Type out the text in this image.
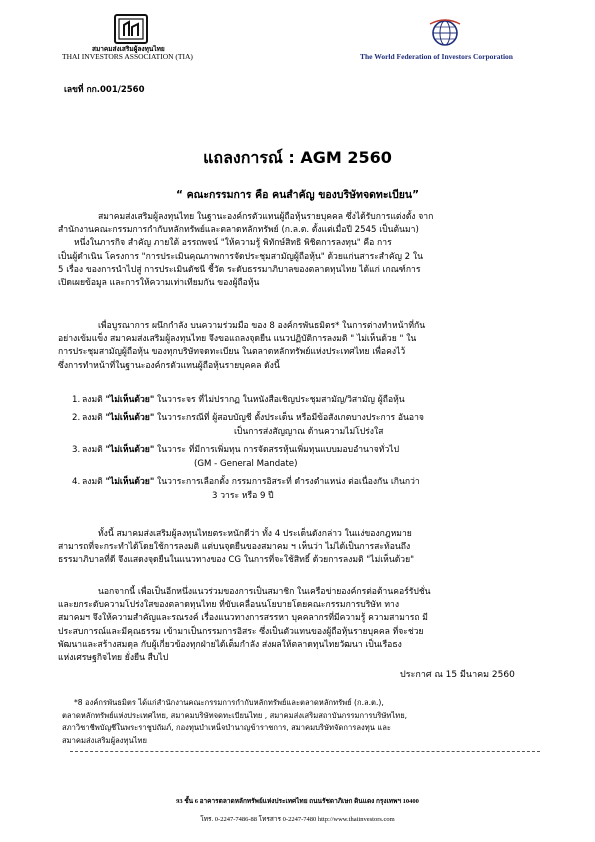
สมาคมส่งเสริมผู้ลงทุนไทย
THAI INVESTORS ASSOCIATION (TIA)	The World Federation of Investors Corporation
เลขที่ กก.001/2560
แถลงการณ์ : AGM 2560
“ คณะกรรมการ คือ คนสำคัญ ของบริษัทจดทะเบียน”

สมาคมส่งเสริมผู้ลงทุนไทย ในฐานะองค์กรตัวแทนผู้ถือหุ้นรายบุคคล ซึ่งได้รับการแต่งตั้ง จาก

สำนักงานคณะกรรมการกำกับหลักทรัพย์และตลาดหลักทรัพย์ (ก.ล.ต. ตั้งแต่เมื่อปี 2545 เป็นต้นมา)

หนึ่งในภารกิจ สำคัญ ภายใต้ อรรถพจน์ "ให้ความรู้ พิทักษ์สิทธิ พิชิตการลงทุน" คือ การ

เป็นผู้ดำเนิน โครงการ "การประเมินคุณภาพการจัดประชุมสามัญผู้ถือหุ้น" ด้วยแก่นสาระสำคัญ 2 ใน

5 เรื่อง ของการนำไปสู่ การประเมินดัชนี ชี้วัด ระดับธรรมาภิบาลของตลาดทุนไทย ได้แก่ เกณฑ์การ

เปิดเผยข้อมูล และการให้ความเท่าเทียมกัน ของผู้ถือหุ้น

เพื่อบูรณาการ ผนึกกำลัง บนความร่วมมือ ของ 8 องค์กรพันธมิตร* ในการต่างทำหน้าที่กัน

อย่างเข้มแข็ง สมาคมส่งเสริมผู้ลงทุนไทย จึงขอแถลงจุดยืน แนวปฏิบัติการลงมติ " ไม่เห็นด้วย " ใน

การประชุมสามัญผู้ถือหุ้น ของทุกบริษัทจดทะเบียน ในตลาดหลักทรัพย์แห่งประเทศไทย เพื่อคงไว้

ซึ่งการทำหน้าที่ในฐานะองค์กรตัวแทนผู้ถือหุ้นรายบุคคล ดังนี้

1. ลงมติ "ไม่เห็นด้วย" ในวาระจร ที่ไม่ปรากฏ ในหนังสือเชิญประชุมสามัญ/วิสามัญ ผู้ถือหุ้น
2. ลงมติ "ไม่เห็นด้วย" ในวาระกรณีที่ ผู้สอบบัญชี ตั้งประเด็น หรือมีข้อสังเกตบางประการ อันอาจ
เป็นการส่งสัญญาณ ด้านความไม่โปร่งใส
3. ลงมติ "ไม่เห็นด้วย" ในวาระ ที่มีการเพิ่มทุน การจัดสรรหุ้นเพิ่มทุนแบบมอบอำนาจทั่วไป
(GM - General Mandate)
4. ลงมติ "ไม่เห็นด้วย" ในวาระการเลือกตั้ง กรรมการอิสระที่ ดำรงตำแหน่ง ต่อเนื่องกัน เกินกว่า
3 วาระ หรือ 9 ปี

ทั้งนี้ สมาคมส่งเสริมผู้ลงทุนไทยตระหนักดีว่า ทั้ง 4 ประเด็นดังกล่าว ในแง่ของกฎหมาย

สามารถที่จะกระทำได้โดยใช้การลงมติ แต่บนจุดยืนของสมาคม ฯ เห็นว่า ไม่ได้เป็นการสะท้อนถึง

ธรรมาภิบาลที่ดี จึงแสดงจุดยืนในแนวทางของ CG ในการที่จะใช้สิทธิ์ ด้วยการลงมติ "ไม่เห็นด้วย"

นอกจากนี้ เพื่อเป็นอีกหนึ่งแนวร่วมของการเป็นสมาชิก ในเครือข่ายองค์กรต่อต้านคอร์รัปชั่น

และยกระดับความโปร่งใสของตลาดทุนไทย ที่ขับเคลื่อนนโยบายโดยคณะกรรมการบริษัท ทาง

สมาคมฯ จึงให้ความสำคัญและรณรงค์ เรื่องแนวทางการสรรหา บุคคลากรที่มีความรู้ ความสามารถ มี

ประสบการณ์และมีคุณธรรม เข้ามาเป็นกรรมการอิสระ ซึ่งเป็นตัวแทนของผู้ถือหุ้นรายบุคคล ที่จะช่วย

พัฒนาและสร้างสมดุล กับผู้เกี่ยวข้องทุกฝ่ายได้เต็มกำลัง ส่งผลให้ตลาดทุนไทยวัฒนา เป็นเรือธง

แห่งเศรษฐกิจไทย ยั่งยืน สืบไป

ประกาศ ณ 15 มีนาคม 2560

*8 องค์กรพันธมิตร ได้แก่สำนักงานคณะกรรมการกำกับหลักทรัพย์และตลาดหลักทรัพย์ (ก.ล.ต.),

ตลาดหลักทรัพย์แห่งประเทศไทย, สมาคมบริษัทจดทะเบียนไทย , สมาคมส่งเสริมสถาบันกรรมการบริษัทไทย,

สภาวิชาชีพบัญชีในพระราชูปถัมภ์, กองทุนบำเหน็จบำนาญข้าราชการ, สมาคมบริษัทจัดการลงทุน และ

สมาคมส่งเสริมผู้ลงทุนไทย

93 ชั้น 6 อาคารตลาดหลักทรัพย์แห่งประเทศไทย ถนนรัชดาภิเษก ดินแดง กรุงเทพฯ 10400
โทร. 0-2247-7486-88 โทรสาร 0-2247-7480 http://www.thaiinvestors.com
